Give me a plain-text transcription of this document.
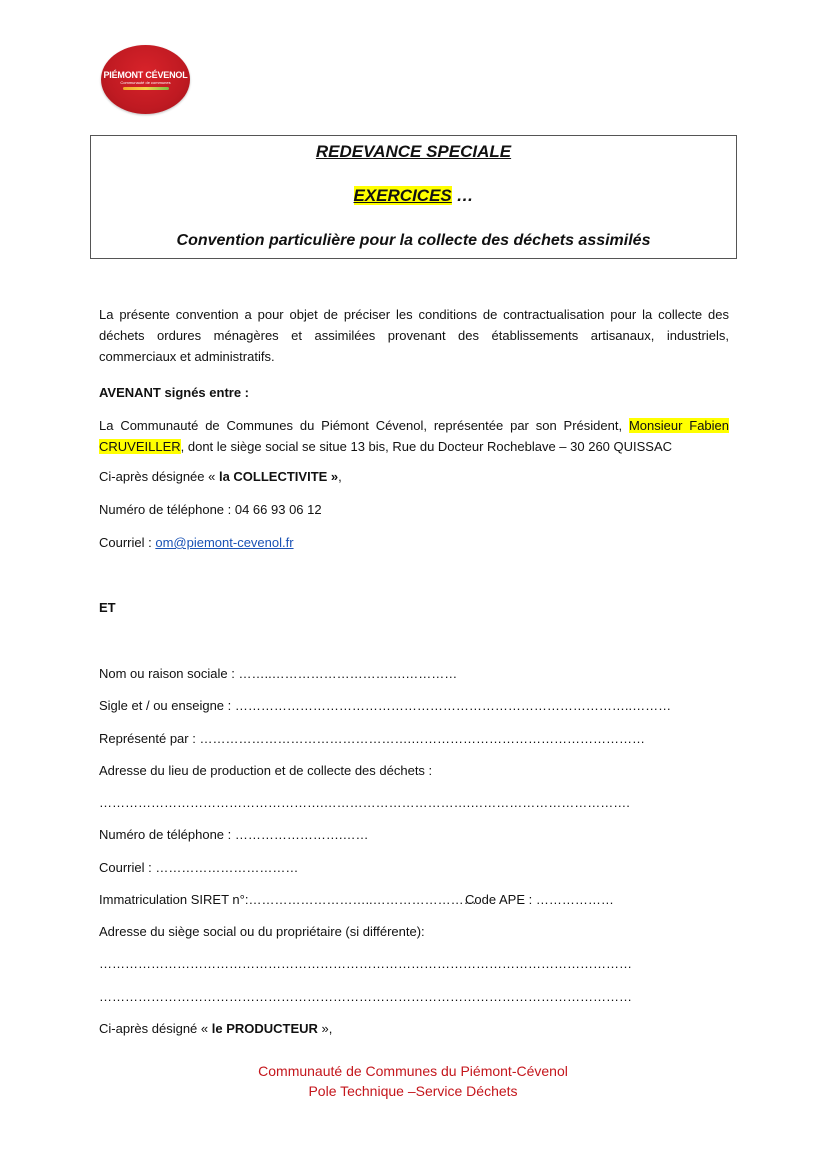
PIÉMONT CÉVENOL
Communauté de communes
REDEVANCE SPECIALE
EXERCICES …
Convention particulière pour la collecte des déchets assimilés
La présente convention a pour objet de préciser les conditions de contractualisation pour la collecte des déchets ordures ménagères et assimilées provenant des établissements artisanaux, industriels, commerciaux et administratifs.
AVENANT signés entre :
La Communauté de Communes du Piémont Cévenol, représentée par son Président, Monsieur Fabien CRUVEILLER, dont le siège social se situe 13 bis, Rue du Docteur Rocheblave – 30 260 QUISSAC
Ci-après désignée « la COLLECTIVITE »,
Numéro de téléphone : 04 66 93 06 12
Courriel : om@piemont-cevenol.fr
ET
Nom ou raison sociale : ……..………………………….…………
Sigle et / ou enseigne : ………………………………………………………………………………..………
Représenté par : ………………………………………….………………………………………………
Adresse du lieu de production et de collecte des déchets :
…………………………………………….…………………………….……………………………….
Numéro de téléphone : …………………….……
Courriel : ……………………………
Immatriculation SIRET n°:………………………..……………………
Code APE : ………………
Adresse du siège social ou du propriétaire (si différente):
……………………………………………………………………………………………………………
……………………………………………………………………………………………………………
Ci-après désigné « le PRODUCTEUR »,
Communauté de Communes du Piémont-Cévenol
Pole Technique –Service Déchets
